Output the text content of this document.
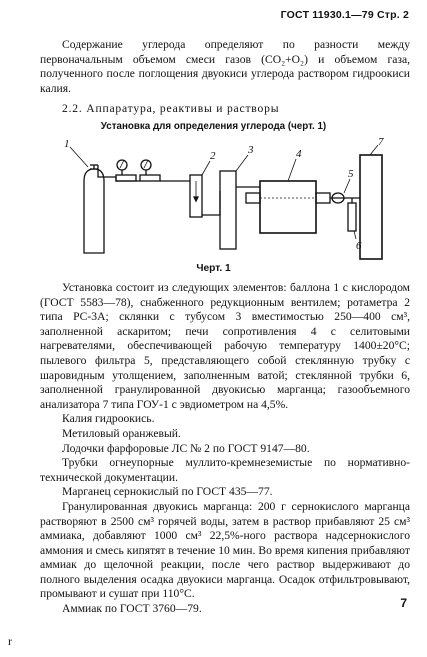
ГОСТ 11930.1—79 Стр. 2

Содержание углерода определяют по разности между первоначальным объемом смеси газов (CO₂+O₂) и объемом газа, полученного после поглощения двуокиси углерода раствором гидроокиси калия.

2.2. Аппаратура, реактивы и растворы
Установка для определения углерода (черт. 1)
1
2	3	4
5
6
7
Черт. 1

Установка состоит из следующих элементов: баллона 1 с кислородом (ГОСТ 5583—78), снабженного редукционным вентилем; ротаметра 2 типа РС-3А; склянки с тубусом 3 вместимостью 250—400 см³, заполненной аскаритом; печи сопротивления 4 с селитовыми нагревателями, обеспечивающей рабочую температуру 1400±20°С; пылевого фильтра 5, представляющего собой стеклянную трубку с шаровидным утолщением, заполненным ватой; стеклянной трубки 6, заполненной гранулированной двуокисью марганца; газообъемного анализатора 7 типа ГОУ-1 с эвдиометром на 4,5%.

Калия гидроокись.

Метиловый оранжевый.

Лодочки фарфоровые ЛС № 2 по ГОСТ 9147—80.

Трубки огнеупорные муллито-кремнеземистые по нормативно-технической документации.

Марганец сернокислый по ГОСТ 435—77.

Гранулированная двуокись марганца: 200 г сернокислого марганца растворяют в 2500 см³ горячей воды, затем в раствор прибавляют 25 см³ аммиака, добавляют 1000 см³ 22,5%-ного раствора надсернокислого аммония и смесь кипятят в течение 10 мин. Во время кипения прибавляют аммиак до щелочной реакции, после чего раствор выдерживают до полного выделения осадка двуокиси марганца. Осадок отфильтровывают, промывают и сушат при 110°С.

Аммиак по ГОСТ 3760—79.	7
r
